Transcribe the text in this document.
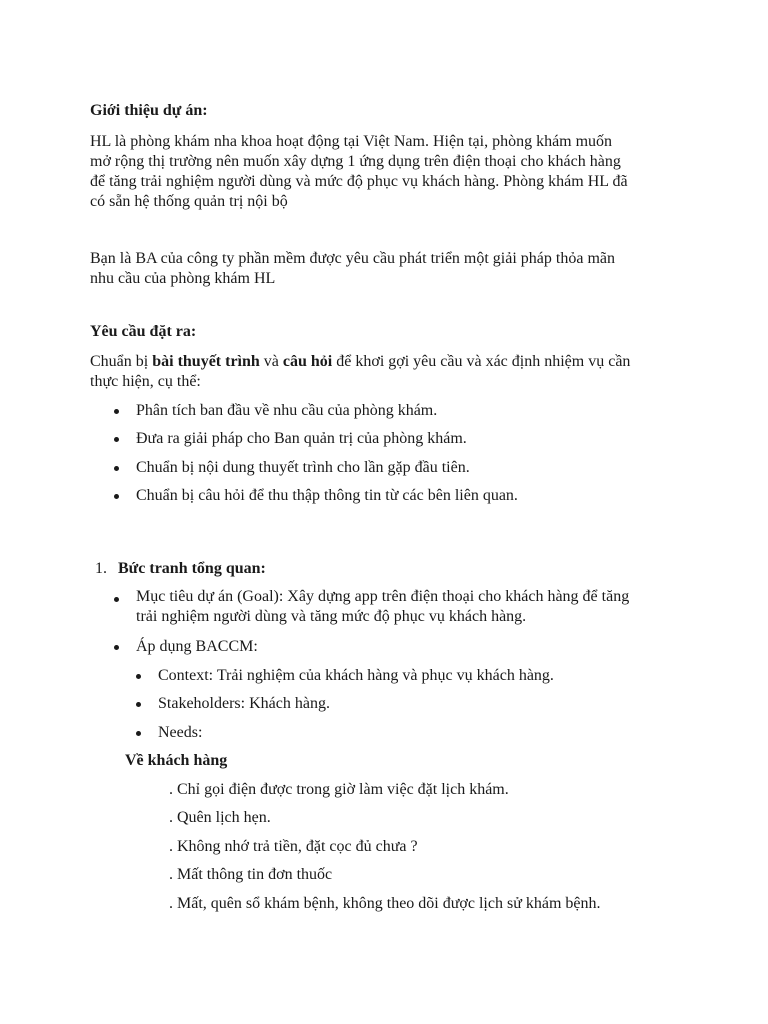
Giới thiệu dự án:
HL là phòng khám nha khoa hoạt động tại Việt Nam. Hiện tại, phòng khám muốn
mở rộng thị trường nên muốn xây dựng 1 ứng dụng trên điện thoại cho khách hàng
để tăng trải nghiệm người dùng và mức độ phục vụ khách hàng. Phòng khám HL đã
có sẵn hệ thống quản trị nội bộ
Bạn là BA của công ty phần mềm được yêu cầu phát triển một giải pháp thỏa mãn
nhu cầu của phòng khám HL
Yêu cầu đặt ra:
Chuẩn bị bài thuyết trình và câu hỏi để khơi gợi yêu cầu và xác định nhiệm vụ cần
thực hiện, cụ thể:
Phân tích ban đầu về nhu cầu của phòng khám.
Đưa ra giải pháp cho Ban quản trị của phòng khám.
Chuẩn bị nội dung thuyết trình cho lần gặp đầu tiên.
Chuẩn bị câu hỏi để thu thập thông tin từ các bên liên quan.
1. Bức tranh tổng quan:
Mục tiêu dự án (Goal): Xây dựng app trên điện thoại cho khách hàng để tăng
trải nghiệm người dùng và tăng mức độ phục vụ khách hàng.
Áp dụng BACCM:
Context: Trải nghiệm của khách hàng và phục vụ khách hàng.
Stakeholders: Khách hàng.
Needs:
Về khách hàng
. Chỉ gọi điện được trong giờ làm việc đặt lịch khám.
. Quên lịch hẹn.
. Không nhớ trả tiền, đặt cọc đủ chưa ?
. Mất thông tin đơn thuốc
. Mất, quên sổ khám bệnh, không theo dõi được lịch sử khám bệnh.
